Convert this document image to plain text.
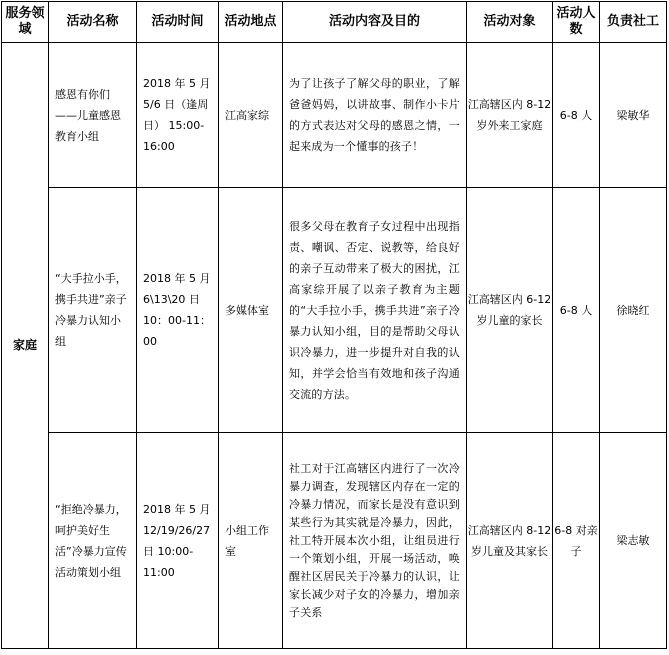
服务领域	活动名称	活动时间	活动地点	活动内容及目的	活动对象	活动人数	负责社工
家庭	感恩有你们——儿童感恩教育小组	2018 年 5 月 5/6 日（逢周日） 15:00-16:00	江高家综	为了让孩子了解父母的职业，了解爸爸妈妈，以讲故事、制作小卡片的方式表达对父母的感恩之情，一起来成为一个懂事的孩子！	江高辖区内 8-12 岁外来工家庭	6-8 人	梁敏华
	“大手拉小手，携手共进”亲子冷暴力认知小组	2018 年 5 月 6\13\20 日 10：00-11：00	多媒体室	很多父母在教育子女过程中出现指责、嘲讽、否定、说教等，给良好的亲子互动带来了极大的困扰，江高家综开展了以亲子教育为主题的“大手拉小手，携手共进”亲子冷暴力认知小组，目的是帮助父母认识冷暴力，进一步提升对自我的认知，并学会恰当有效地和孩子沟通交流的方法。	江高辖区内 6-12 岁儿童的家长	6-8 人	徐晓红
	“拒绝冷暴力，呵护美好生活”冷暴力宣传活动策划小组	2018 年 5 月 12/19/26/27 日 10:00-11:00	小组工作室	社工对于江高辖区内进行了一次冷暴力调查，发现辖区内存在一定的冷暴力情况，而家长是没有意识到某些行为其实就是冷暴力，因此，社工特开展本次小组，让组员进行一个策划小组，开展一场活动，唤醒社区居民关于冷暴力的认识，让家长减少对子女的冷暴力，增加亲子关系	江高辖区内 8-12 岁儿童及其家长	6-8 对亲子	梁志敏
